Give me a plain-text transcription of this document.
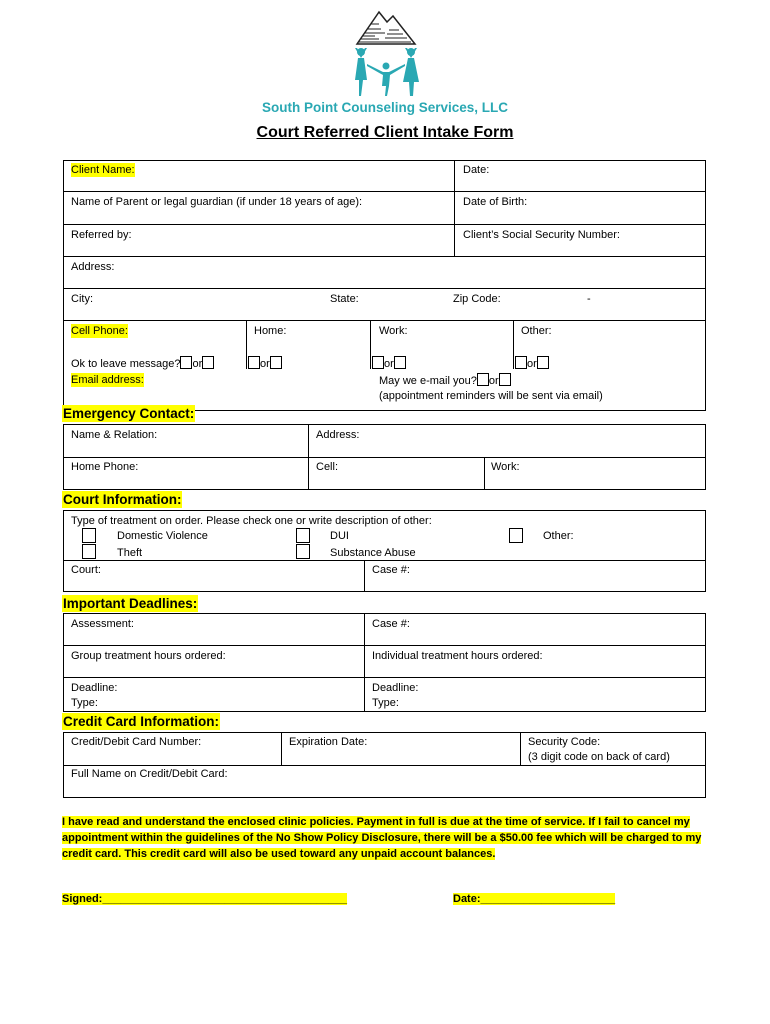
South Point Counseling Services, LLC
Court Referred Client Intake Form
Client Name:	Date:
Name of Parent or legal guardian (if under 18 years of age):	Date of Birth:
Referred by:	Client’s Social Security Number:
Address:
City:	State:	Zip Code:	-
Cell Phone:	Home:	Work:	Other:
Ok to leave message? or	or	or	or
Email address:	May we e-mail you? or
(appointment reminders will be sent via email)
Emergency Contact:
Name & Relation:	Address:
Home Phone:	Cell:	Work:
Court Information:
Type of treatment on order. Please check one or write description of other:
Domestic Violence
Theft
DUI
Substance Abuse
Other:
Court:	Case #:
Important Deadlines:
Assessment:	Case #:
Group treatment hours ordered:	Individual treatment hours ordered:
Deadline:
Type:
Deadline:
Type:
Credit Card Information:
Credit/Debit Card Number:	Expiration Date:	Security Code:
(3 digit code on back of card)
Full Name on Credit/Debit Card:
I have read and understand the enclosed clinic policies. Payment in full is due at the time of service. If I fail to cancel my
appointment within the guidelines of the No Show Policy Disclosure, there will be a $50.00 fee which will be charged to my
credit card. This credit card will also be used toward any unpaid account balances.
Signed:________________________________________	Date:______________________
